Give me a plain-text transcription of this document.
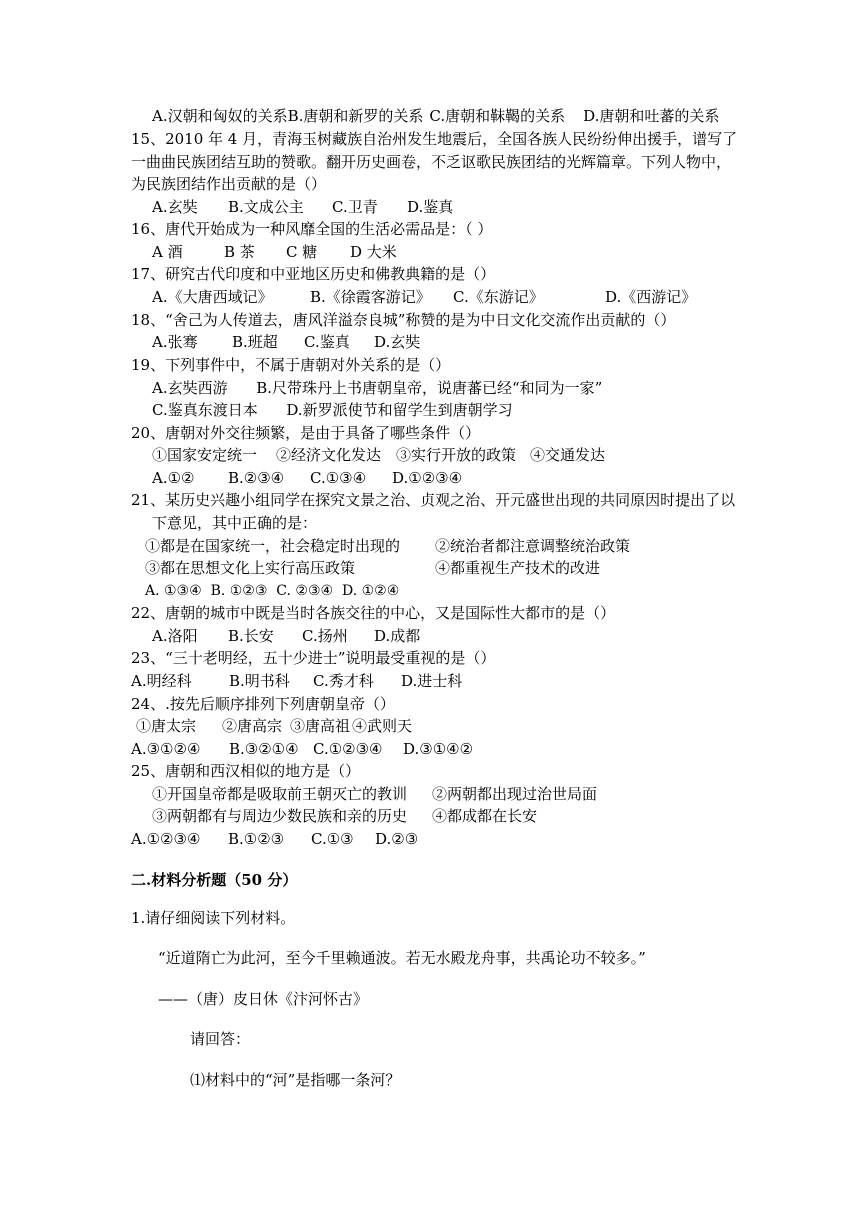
A.汉朝和匈奴的关系B.唐朝和新罗的关系 C.唐朝和靺鞨的关系 D.唐朝和吐蕃的关系
15、2010 年 4 月，青海玉树藏族自治州发生地震后，全国各族人民纷纷伸出援手，谱写了
一曲曲民族团结互助的赞歌。翻开历史画卷，不乏讴歌民族团结的光辉篇章。下列人物中，
为民族团结作出贡献的是（）
A.玄奘 B.文成公主 C.卫青 D.鉴真
16、唐代开始成为一种风靡全国的生活必需品是：（ ）
A 酒	B 茶 C 糖 D 大米
17、研究古代印度和中亚地区历史和佛教典籍的是（）
A.《大唐西域记》 B.《徐霞客游记》 C.《东游记》	D.《西游记》
18、“舍己为人传道去，唐风洋溢奈良城”称赞的是为中日文化交流作出贡献的（）
A.张骞 B.班超 C.鉴真 D.玄奘
19、下列事件中，不属于唐朝对外关系的是（）
A.玄奘西游      B.尺带珠丹上书唐朝皇帝，说唐蕃已经“和同为一家”
C.鉴真东渡日本      D.新罗派使节和留学生到唐朝学习
20、唐朝对外交往频繁，是由于具备了哪些条件（）
①国家安定统一 ②经济文化发达 ③实行开放的政策 ④交通发达
A.①② B.②③④ C.①③④ D.①②③④
21、某历史兴趣小组同学在探究文景之治、贞观之治、开元盛世出现的共同原因时提出了以
下意见，其中正确的是：
①都是在国家统一，社会稳定时出现的 ②统治者都注意调整统治政策
③都在思想文化上实行高压政策	④都重视生产技术的改进
A. ①③④  B. ①②③  C. ②③④  D. ①②④
22、唐朝的城市中既是当时各族交往的中心，又是国际性大都市的是（）
A.洛阳 B.长安 C.扬州 D.成都
23、“三十老明经，五十少进士”说明最受重视的是（）
A.明经科 B.明书科 C.秀才科 D.进士科
24、.按先后顺序排列下列唐朝皇帝（）
①唐太宗 ②唐高宗 ③唐高祖 ④武则天
A.③①②④ B.③②①④ C.①②③④ D.③①④②
25、唐朝和西汉相似的地方是（）
①开国皇帝都是吸取前王朝灭亡的教训 ②两朝都出现过治世局面
③两朝都有与周边少数民族和亲的历史 ④都成都在长安
A.①②③④ B.①②③ C.①③ D.②③
二.材料分析题（50 分）
1.请仔细阅读下列材料。
“近道隋亡为此河，至今千里赖通波。若无水殿龙舟事，共禹论功不较多。”
——（唐）皮日休《汴河怀古》
请回答：
⑴材料中的“河”是指哪一条河？
